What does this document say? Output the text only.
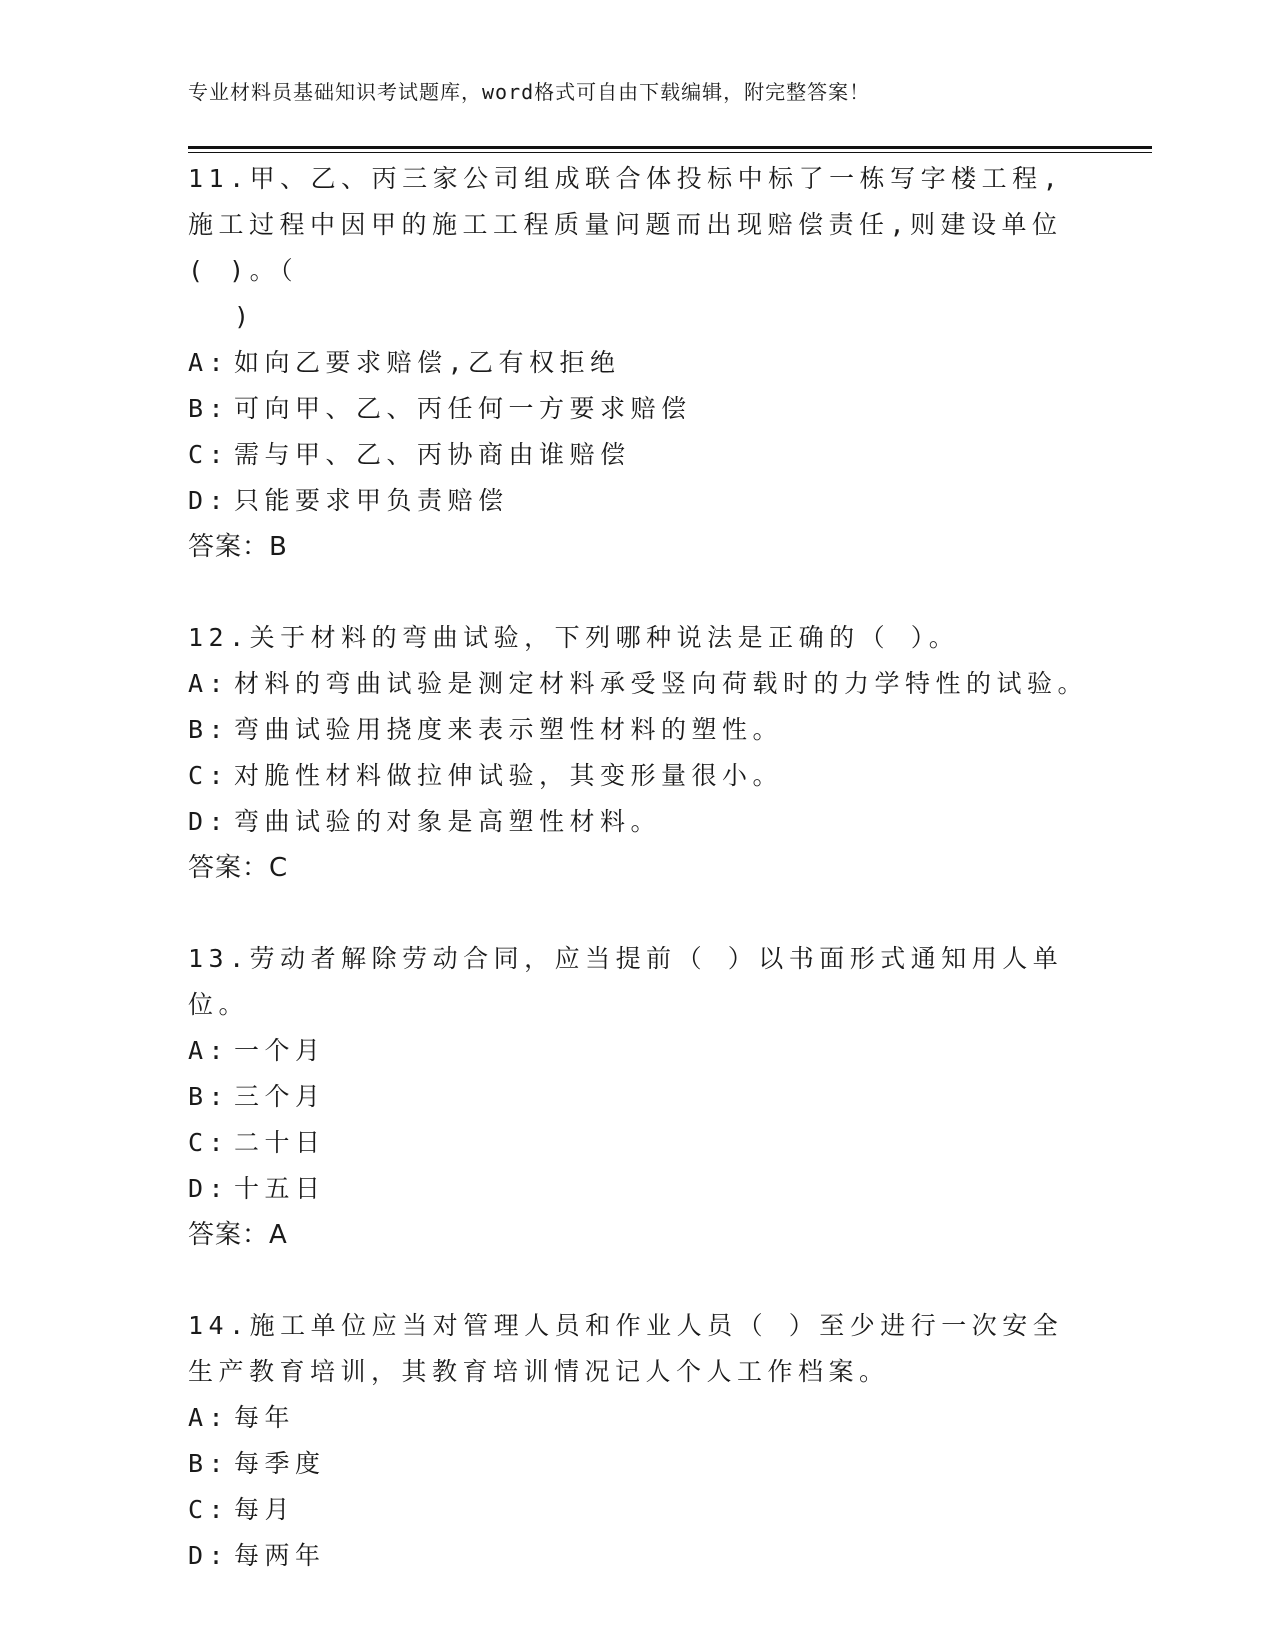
专业材料员基础知识考试题库，word格式可自由下载编辑，附完整答案！

11.甲、乙、丙三家公司组成联合体投标中标了一栋写字楼工程,施工过程中因甲的施工工程质量问题而出现赔偿责任,则建设单位( )。（
)

A: 如向乙要求赔偿,乙有权拒绝

B: 可向甲、乙、丙任何一方要求赔偿

C: 需与甲、乙、丙协商由谁赔偿

D: 只能要求甲负责赔偿

答案：B

12.关于材料的弯曲试验，下列哪种说法是正确的（ ）。

A: 材料的弯曲试验是测定材料承受竖向荷载时的力学特性的试验。

B: 弯曲试验用挠度来表示塑性材料的塑性。

C: 对脆性材料做拉伸试验，其变形量很小。

D: 弯曲试验的对象是高塑性材料。

答案：C

13.劳动者解除劳动合同，应当提前（ ）以书面形式通知用人单位。

A: 一个月

B: 三个月

C: 二十日

D: 十五日

答案：A

14.施工单位应当对管理人员和作业人员（ ）至少进行一次安全生产教育培训，其教育培训情况记人个人工作档案。

A: 每年

B: 每季度

C: 每月

D: 每两年
